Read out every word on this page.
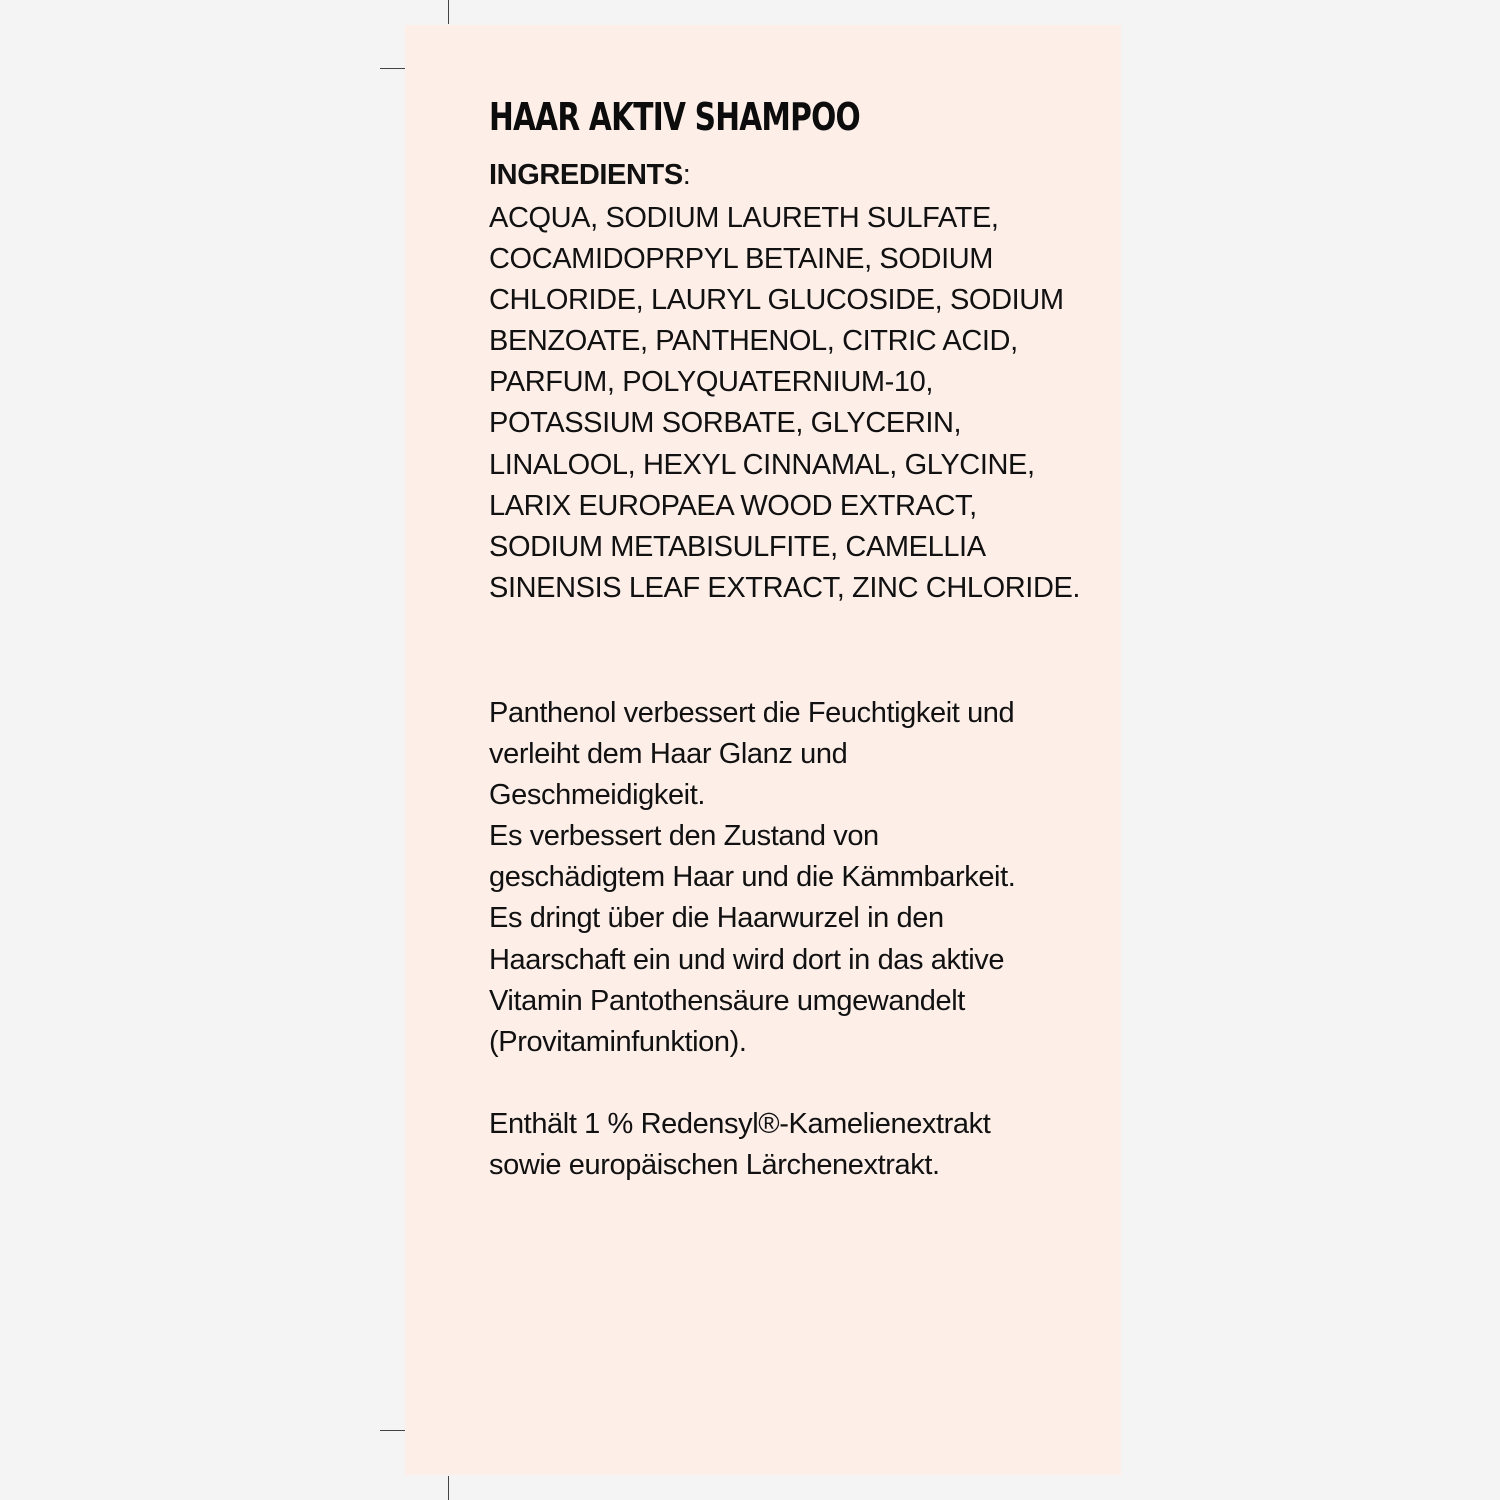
HAAR AKTIV SHAMPOO
INGREDIENTS:
ACQUA, SODIUM LAURETH SULFATE,
COCAMIDOPRPYL BETAINE, SODIUM
CHLORIDE, LAURYL GLUCOSIDE, SODIUM
BENZOATE, PANTHENOL, CITRIC ACID,
PARFUM, POLYQUATERNIUM-10,
POTASSIUM SORBATE, GLYCERIN,
LINALOOL, HEXYL CINNAMAL, GLYCINE,
LARIX EUROPAEA WOOD EXTRACT,
SODIUM METABISULFITE, CAMELLIA
SINENSIS LEAF EXTRACT, ZINC CHLORIDE.
Panthenol verbessert die Feuchtigkeit und
verleiht dem Haar Glanz und
Geschmeidigkeit.
Es verbessert den Zustand von
geschädigtem Haar und die Kämmbarkeit.
Es dringt über die Haarwurzel in den
Haarschaft ein und wird dort in das aktive
Vitamin Pantothensäure umgewandelt
(Provitaminfunktion).
Enthält 1 % Redensyl®-Kamelienextrakt
sowie europäischen Lärchenextrakt.
